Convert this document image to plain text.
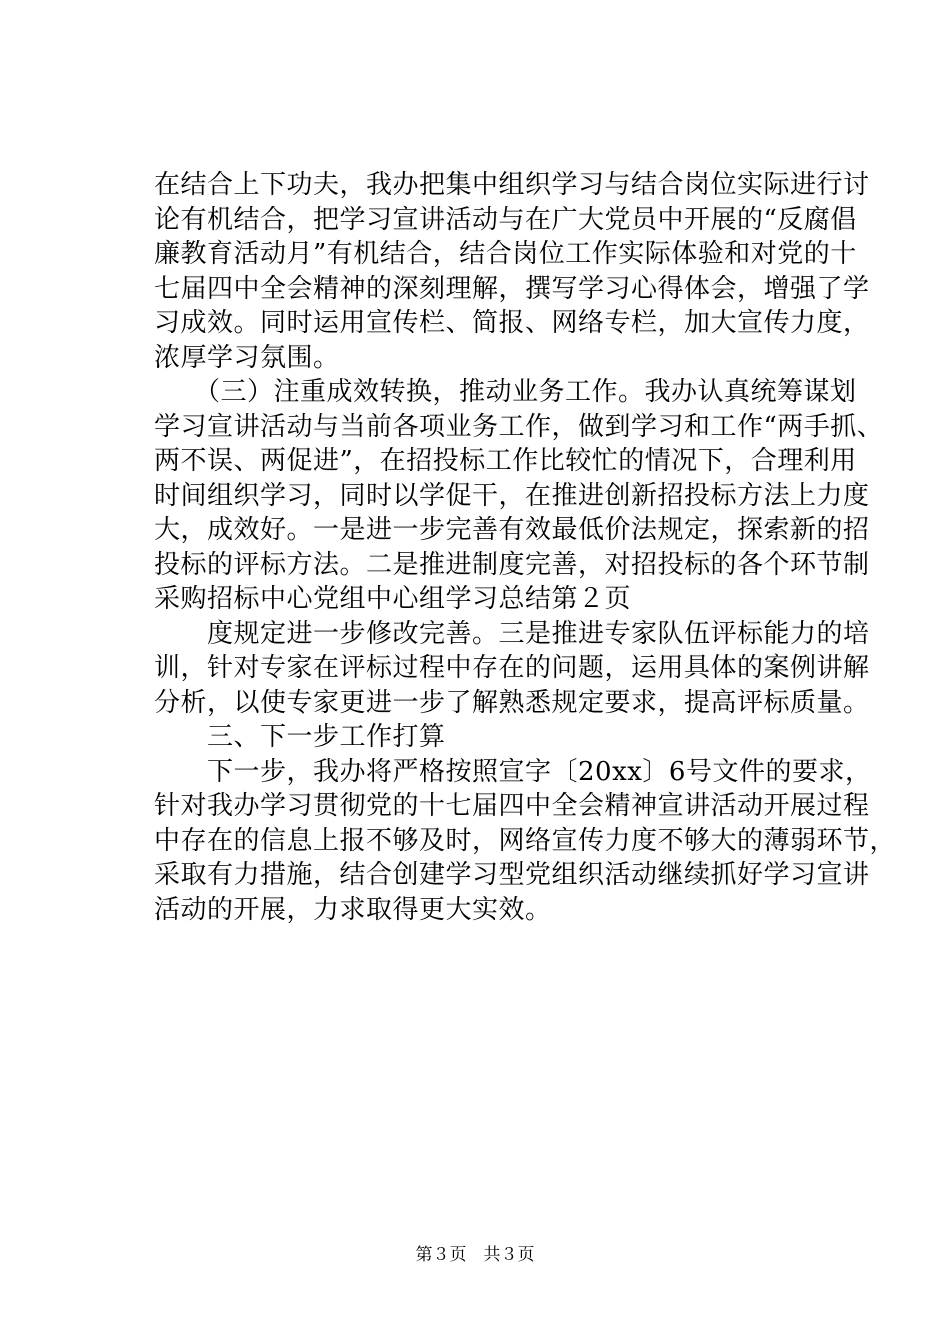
在结合上下功夫，我办把集中组织学习与结合岗位实际进行讨
论有机结合，把学习宣讲活动与在广大党员中开展的“反腐倡
廉教育活动月”有机结合，结合岗位工作实际体验和对党的十
七届四中全会精神的深刻理解，撰写学习心得体会，增强了学
习成效。同时运用宣传栏、简报、网络专栏，加大宣传力度，
浓厚学习氛围。
　　（三）注重成效转换，推动业务工作。我办认真统筹谋划
学习宣讲活动与当前各项业务工作，做到学习和工作“两手抓、
两不误、两促进”，在招投标工作比较忙的情况下，合理利用
时间组织学习，同时以学促干，在推进创新招投标方法上力度
大，成效好。一是进一步完善有效最低价法规定，探索新的招
投标的评标方法。二是推进制度完善，对招投标的各个环节制
采购招标中心党组中心组学习总结第２页
　　度规定进一步修改完善。三是推进专家队伍评标能力的培
训，针对专家在评标过程中存在的问题，运用具体的案例讲解
分析，以使专家更进一步了解熟悉规定要求，提高评标质量。
　　三、下一步工作打算
　　下一步，我办将严格按照宣字〔20xx〕6号文件的要求，
针对我办学习贯彻党的十七届四中全会精神宣讲活动开展过程
中存在的信息上报不够及时，网络宣传力度不够大的薄弱环节，
采取有力措施，结合创建学习型党组织活动继续抓好学习宣讲
活动的开展，力求取得更大实效。
第３页　共３页
